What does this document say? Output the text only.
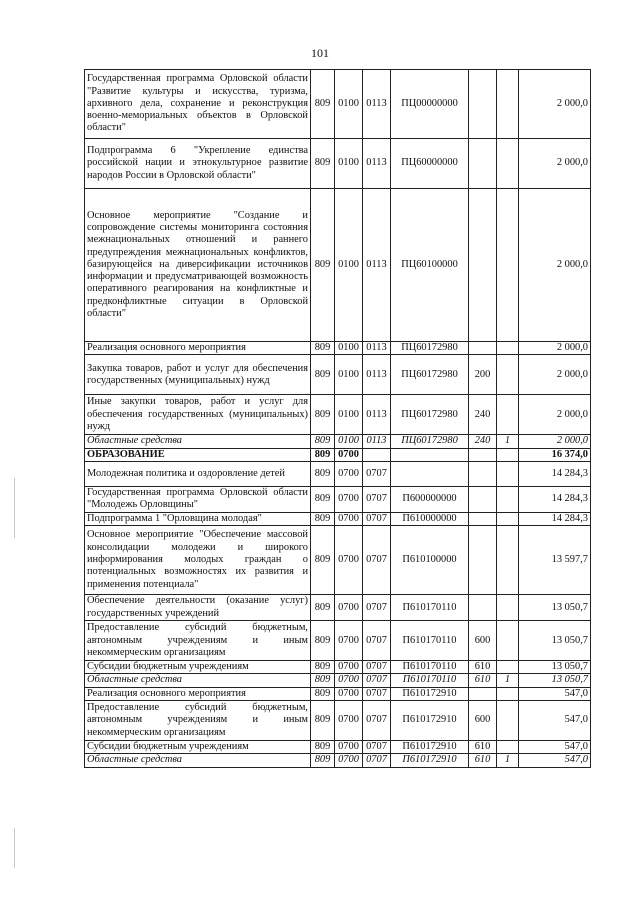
101
Государственная программа Орловской области "Развитие культуры и искусства, туризма, архивного дела, сохранение и реконструкция военно-мемориальных объектов в Орловской области"	809	0100	0113	ПЦ00000000			2 000,0
Подпрограмма 6 "Укрепление единства российской нации и этнокультурное развитие народов России в Орловской области"	809	0100	0113	ПЦ60000000			2 000,0
Основное мероприятие "Создание и сопровождение системы мониторинга состояния межнациональных отношений и раннего предупреждения межнациональных конфликтов, базирующейся на диверсификации источников информации и предусматривающей возможность оперативного реагирования на конфликтные и предконфликтные ситуации в Орловской области"	809	0100	0113	ПЦ60100000			2 000,0
Реализация основного мероприятия	809	0100	0113	ПЦ60172980			2 000,0
Закупка товаров, работ и услуг для обеспечения государственных (муниципальных) нужд	809	0100	0113	ПЦ60172980	200		2 000,0
Иные закупки товаров, работ и услуг для обеспечения государственных (муниципальных) нужд	809	0100	0113	ПЦ60172980	240		2 000,0
Областные средства	809	0100	0113	ПЦ60172980	240	1	2 000,0
ОБРАЗОВАНИЕ	809	0700					16 374,0
Молодежная политика и оздоровление детей	809	0700	0707				14 284,3
Государственная программа Орловской области "Молодежь Орловщины"	809	0700	0707	П600000000			14 284,3
Подпрограмма 1 "Орловщина молодая"	809	0700	0707	П610000000			14 284,3
Основное мероприятие "Обеспечение массовой консолидации молодежи и широкого информирования молодых граждан о потенциальных возможностях их развития и применения потенциала"	809	0700	0707	П610100000			13 597,7
Обеспечение деятельности (оказание услуг) государственных учреждений	809	0700	0707	П610170110			13 050,7
Предоставление субсидий бюджетным, автономным учреждениям и иным некоммерческим организациям	809	0700	0707	П610170110	600		13 050,7
Субсидии бюджетным учреждениям	809	0700	0707	П610170110	610		13 050,7
Областные средства	809	0700	0707	П610170110	610	1	13 050,7
Реализация основного мероприятия	809	0700	0707	П610172910			547,0
Предоставление субсидий бюджетным, автономным учреждениям и иным некоммерческим организациям	809	0700	0707	П610172910	600		547,0
Субсидии бюджетным учреждениям	809	0700	0707	П610172910	610		547,0
Областные средства	809	0700	0707	П610172910	610	1	547,0
